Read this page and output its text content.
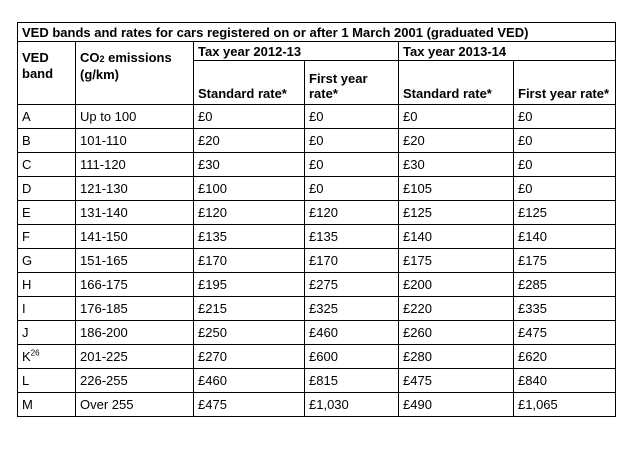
VED bands and rates for cars registered on or after 1 March 2001 (graduated VED)					
VED band	CO2 emissions (g/km)	Tax year 2012-13		Tax year 2013-14	
		Standard rate*	First year rate*	Standard rate*	First year rate*
A	Up to 100	£0	£0	£0	£0
B	101-110	£20	£0	£20	£0
C	111-120	£30	£0	£30	£0
D	121-130	£100	£0	£105	£0
E	131-140	£120	£120	£125	£125
F	141-150	£135	£135	£140	£140
G	151-165	£170	£170	£175	£175
H	166-175	£195	£275	£200	£285
I	176-185	£215	£325	£220	£335
J	186-200	£250	£460	£260	£475
$K^{26}$	201-225	£270	£600	£280	£620
L	226-255	£460	£815	£475	£840
M	Over 255	£475	£1,030	£490	£1,065
